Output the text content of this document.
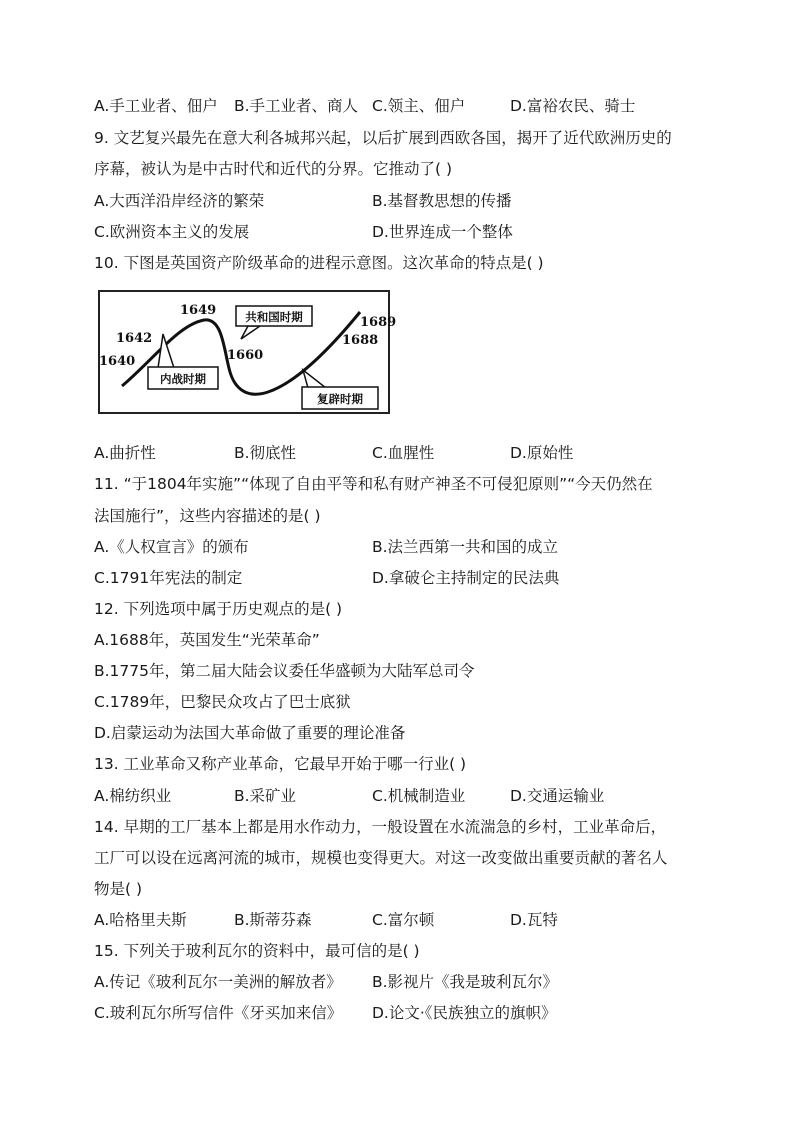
A.手工业者、佃户 B.手工业者、商人 C.领主、佃户	D.富裕农民、骑士
9. 文艺复兴最先在意大利各城邦兴起，以后扩展到西欧各国，揭开了近代欧洲历史的
序幕，被认为是中古时代和近代的分界。它推动了( )
A.大西洋沿岸经济的繁荣	B.基督教思想的传播
C.欧洲资本主义的发展	D.世界连成一个整体
10. 下图是英国资产阶级革命的进程示意图。这次革命的特点是( )
1640
1642
1649
1660
1688
1689
共和国时期
内战时期
复辟时期
A.曲折性	B.彻底性	C.血腥性	D.原始性
11. “于1804年实施”“体现了自由平等和私有财产神圣不可侵犯原则”“今天仍然在
法国施行”，这些内容描述的是( )
A.《人权宣言》的颁布	B.法兰西第一共和国的成立
C.1791年宪法的制定	D.拿破仑主持制定的民法典
12. 下列选项中属于历史观点的是( )
A.1688年，英国发生“光荣革命”
B.1775年，第二届大陆会议委任华盛顿为大陆军总司令
C.1789年，巴黎民众攻占了巴士底狱
D.启蒙运动为法国大革命做了重要的理论准备
13. 工业革命又称产业革命，它最早开始于哪一行业( )
A.棉纺织业	B.采矿业	C.机械制造业	D.交通运输业
14. 早期的工厂基本上都是用水作动力，一般设置在水流湍急的乡村，工业革命后，
工厂可以设在远离河流的城市，规模也变得更大。对这一改变做出重要贡献的著名人
物是( )
A.哈格里夫斯	B.斯蒂芬森	C.富尔顿	D.瓦特
15. 下列关于玻利瓦尔的资料中，最可信的是( )
A.传记《玻利瓦尔一美洲的解放者》 B.影视片《我是玻利瓦尔》
C.玻利瓦尔所写信件《牙买加来信》 D.论文·《民族独立的旗帜》
